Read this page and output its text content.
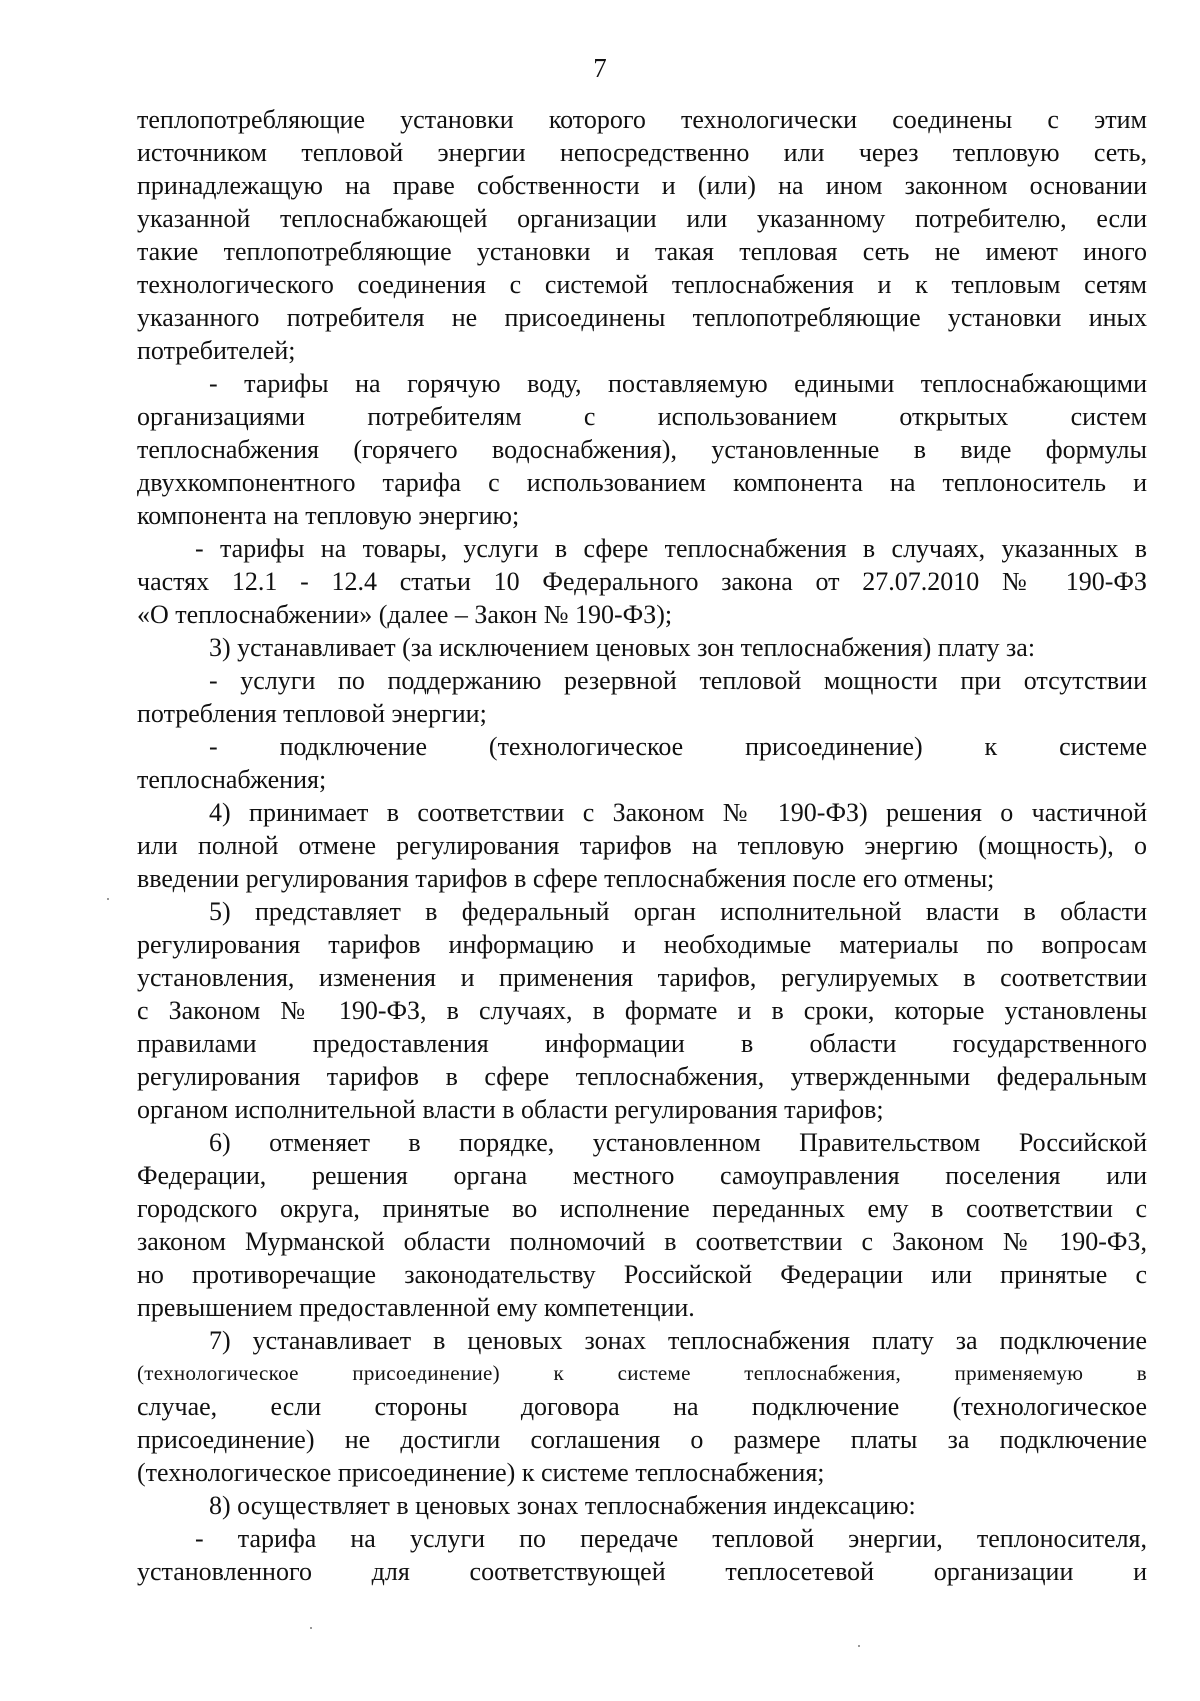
7
теплопотребляющие установки которого технологически соединены с этим
источником тепловой энергии непосредственно или через тепловую сеть,
принадлежащую на праве собственности и (или) на ином законном основании
указанной теплоснабжающей организации или указанному потребителю, если
такие теплопотребляющие установки и такая тепловая сеть не имеют иного
технологического соединения с системой теплоснабжения и к тепловым сетям
указанного потребителя не присоединены теплопотребляющие установки иных
потребителей;
- тарифы на горячую воду, поставляемую едиными теплоснабжающими
организациями потребителям с использованием открытых систем
теплоснабжения (горячего водоснабжения), установленные в виде формулы
двухкомпонентного тарифа с использованием компонента на теплоноситель и
компонента на тепловую энергию;
- тарифы на товары, услуги в сфере теплоснабжения в случаях, указанных в
частях 12.1 - 12.4 статьи 10 Федерального закона от 27.07.2010 № 190-ФЗ
«О теплоснабжении» (далее – Закон № 190-ФЗ);
3) устанавливает (за исключением ценовых зон теплоснабжения) плату за:
- услуги по поддержанию резервной тепловой мощности при отсутствии
потребления тепловой энергии;
- подключение (технологическое присоединение) к системе
теплоснабжения;
4) принимает в соответствии с Законом № 190-ФЗ) решения о частичной
или полной отмене регулирования тарифов на тепловую энергию (мощность), о
введении регулирования тарифов в сфере теплоснабжения после его отмены;
5) представляет в федеральный орган исполнительной власти в области
регулирования тарифов информацию и необходимые материалы по вопросам
установления, изменения и применения тарифов, регулируемых в соответствии
с Законом № 190-ФЗ, в случаях, в формате и в сроки, которые установлены
правилами предоставления информации в области государственного
регулирования тарифов в сфере теплоснабжения, утвержденными федеральным
органом исполнительной власти в области регулирования тарифов;
6) отменяет в порядке, установленном Правительством Российской
Федерации, решения органа местного самоуправления поселения или
городского округа, принятые во исполнение переданных ему в соответствии с
законом Мурманской области полномочий в соответствии с Законом № 190-ФЗ,
но противоречащие законодательству Российской Федерации или принятые с
превышением предоставленной ему компетенции.
7) устанавливает в ценовых зонах теплоснабжения плату за подключение
(технологическое присоединение) к системе теплоснабжения, применяемую в
случае, если стороны договора на подключение (технологическое
присоединение) не достигли соглашения о размере платы за подключение
(технологическое присоединение) к системе теплоснабжения;
8) осуществляет в ценовых зонах теплоснабжения индексацию:
- тарифа на услуги по передаче тепловой энергии, теплоносителя,
установленного для соответствующей теплосетевой организации и
